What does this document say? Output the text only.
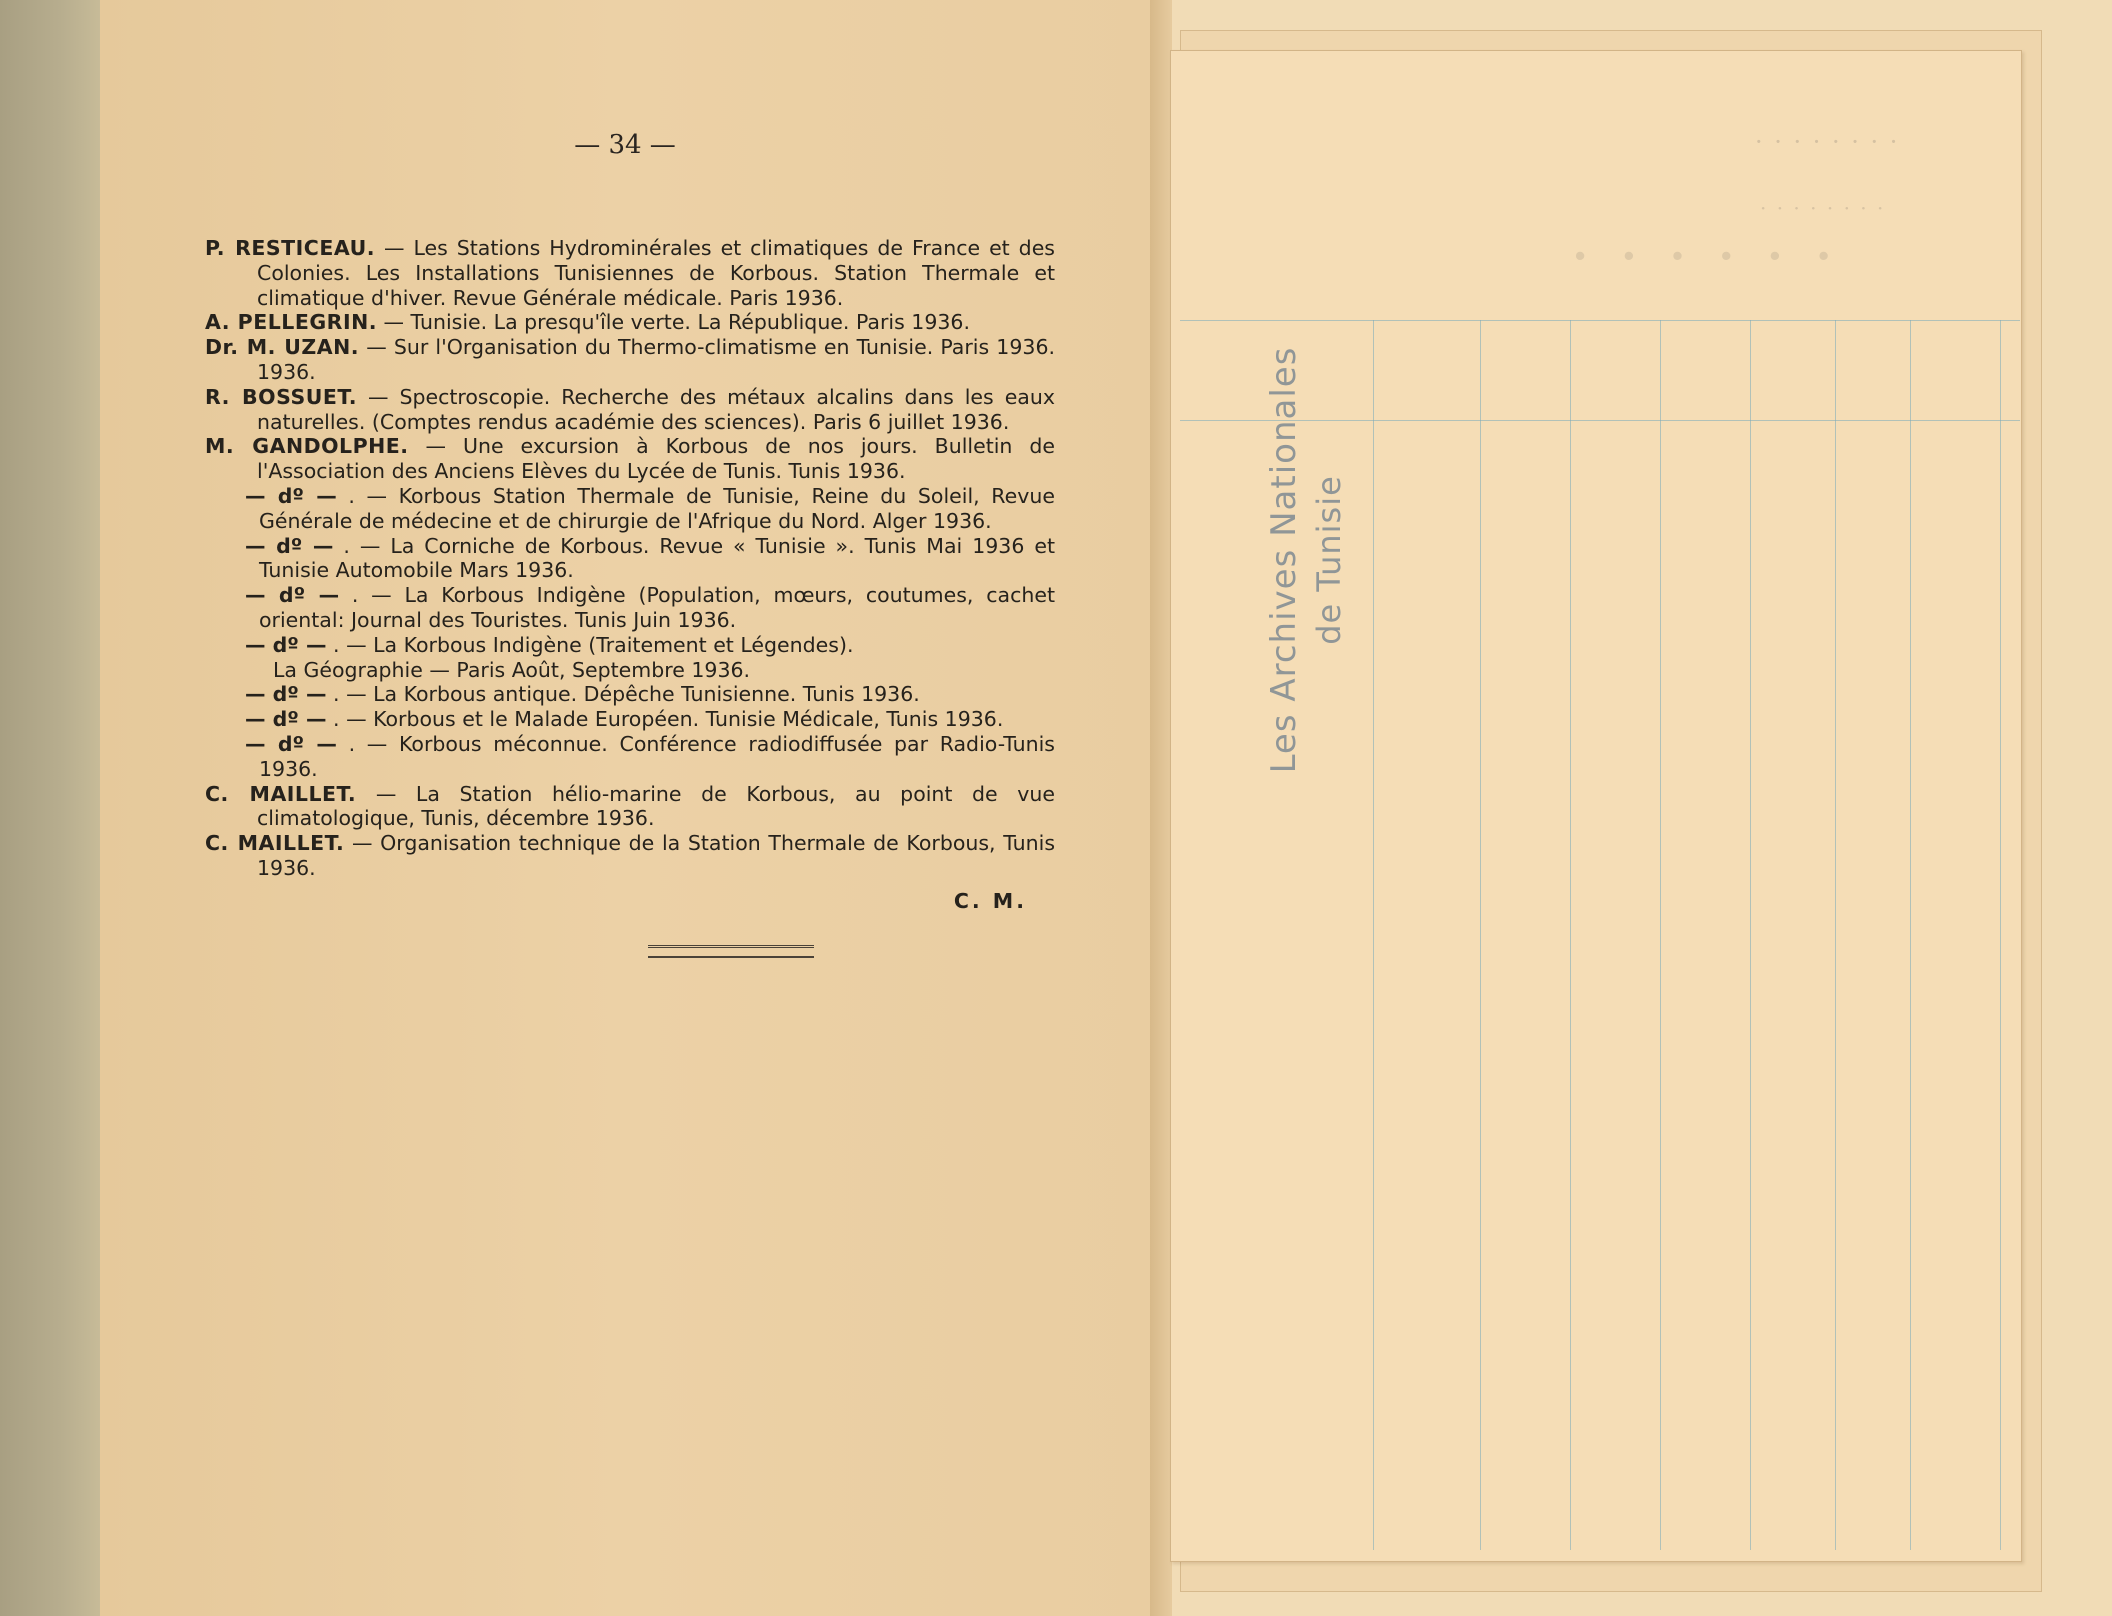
— 34 —
P. RESTICEAU. — Les Stations Hydrominérales et climatiques de France et des Colonies. Les Installations Tunisiennes de Korbous. Station Thermale et climatique d'hiver. Revue Générale médicale. Paris 1936.
A. PELLEGRIN. — Tunisie. La presqu'île verte. La République. Paris 1936.
Dr. M. UZAN. — Sur l'Organisation du Thermo-climatisme en Tunisie. Paris 1936. 1936.
R. BOSSUET. — Spectroscopie. Recherche des métaux alcalins dans les eaux naturelles. (Comptes rendus académie des sciences). Paris 6 juillet 1936.
M. GANDOLPHE. — Une excursion à Korbous de nos jours. Bulletin de l'Association des Anciens Elèves du Lycée de Tunis. Tunis 1936.
— dº — . — Korbous Station Thermale de Tunisie, Reine du Soleil, Revue Générale de médecine et de chirurgie de l'Afrique du Nord. Alger 1936.
— dº — . — La Corniche de Korbous. Revue « Tunisie ». Tunis Mai 1936 et Tunisie Automobile Mars 1936.
— dº — . — La Korbous Indigène (Population, mœurs, coutumes, cachet oriental: Journal des Touristes. Tunis Juin 1936.
— dº — . — La Korbous Indigène (Traitement et Légendes).
La Géographie — Paris Août, Septembre 1936.
— dº — . — La Korbous antique. Dépêche Tunisienne. Tunis 1936.
— dº — . — Korbous et le Malade Européen. Tunisie Médicale, Tunis 1936.
— dº — . — Korbous méconnue. Conférence radiodiffusée par Radio-Tunis 1936.
C. MAILLET. — La Station hélio-marine de Korbous, au point de vue climatologique, Tunis, décembre 1936.
C. MAILLET. — Organisation technique de la Station Thermale de Korbous, Tunis 1936.
C. M.
· · · · · · · ·
· · · · · · · ·
· · · · · ·
Les Archives Nationales de Tunisie
